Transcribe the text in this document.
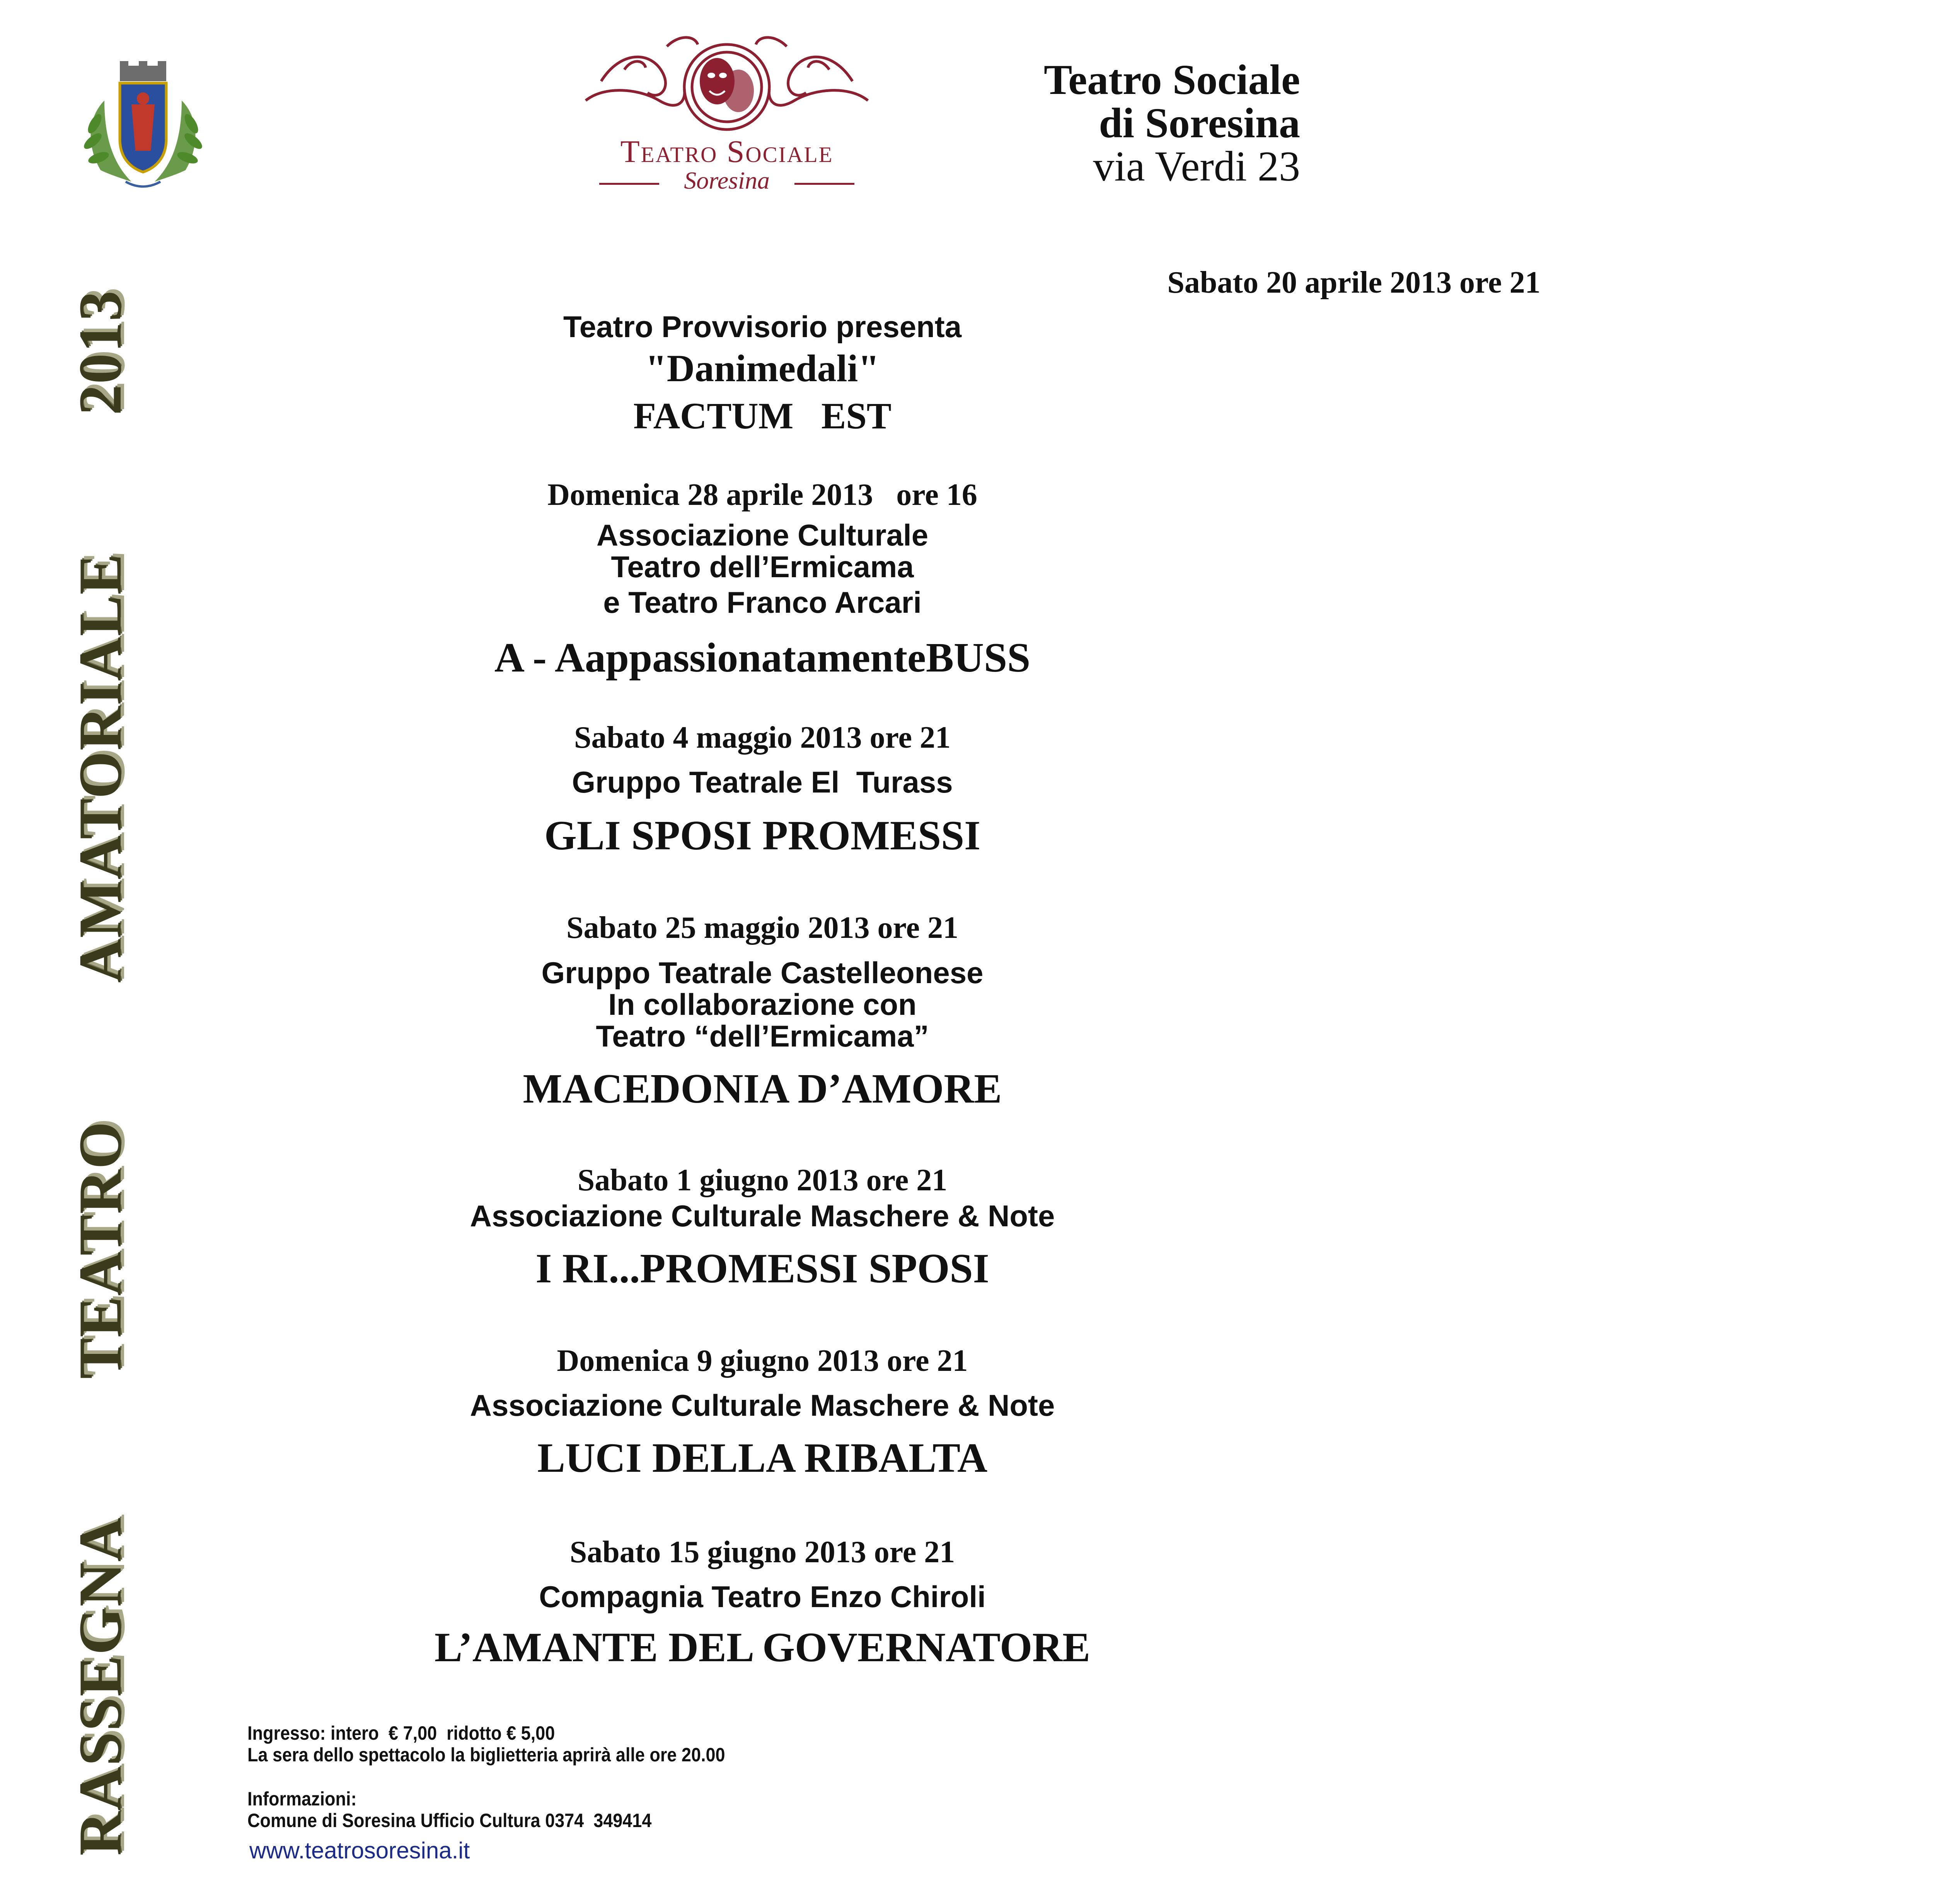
Teatro Sociale
Soresina
Teatro Sociale
di Soresina
via Verdi 23
RASSEGNA
TEATRO
AMATORIALE
2013
Sabato 20 aprile 2013 ore 21
Teatro Provvisorio presenta
"Danimedali"
FACTUM   EST
Domenica 28 aprile 2013   ore 16
Associazione Culturale
Teatro dell’Ermicama
e Teatro Franco Arcari
A - AappassionatamenteBUSS
Sabato 4 maggio 2013 ore 21
Gruppo Teatrale El  Turass
GLI SPOSI PROMESSI
Sabato 25 maggio 2013 ore 21
Gruppo Teatrale Castelleonese
In collaborazione con
Teatro “dell’Ermicama”
MACEDONIA D’AMORE
Sabato 1 giugno 2013 ore 21
Associazione Culturale Maschere & Note
I RI...PROMESSI SPOSI
Domenica 9 giugno 2013 ore 21
Associazione Culturale Maschere & Note
LUCI DELLA RIBALTA
Sabato 15 giugno 2013 ore 21
Compagnia Teatro Enzo Chiroli
L’AMANTE DEL GOVERNATORE
Ingresso: intero  € 7,00  ridotto € 5,00
La sera dello spettacolo la biglietteria aprirà alle ore 20.00
Informazioni:
Comune di Soresina Ufficio Cultura 0374  349414
www.teatrosoresina.it
